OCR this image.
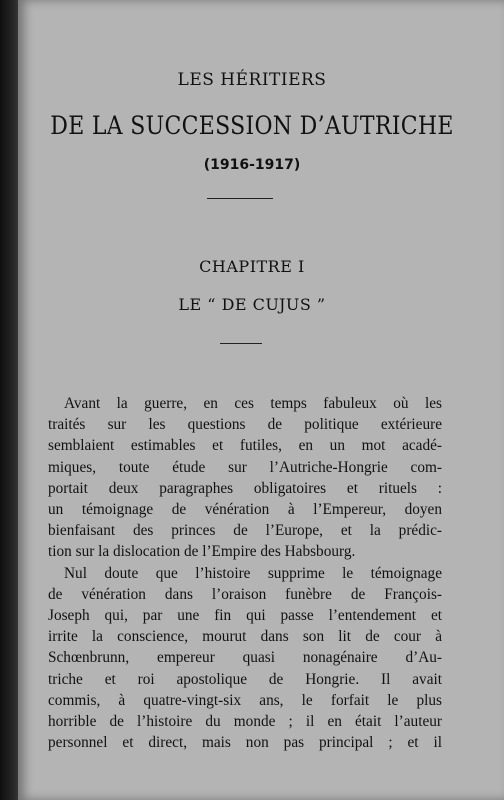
LES HÉRITIERS
DE LA SUCCESSION D’AUTRICHE
(1916-1917)
CHAPITRE I
LE “ DE CUJUS ”
Avant la guerre, en ces temps fabuleux où les
traités sur les questions de politique extérieure
semblaient estimables et futiles, en un mot acadé-
miques, toute étude sur l’Autriche-Hongrie com-
portait deux paragraphes obligatoires et rituels :
un témoignage de vénération à l’Empereur, doyen
bienfaisant des princes de l’Europe, et la prédic-
tion sur la dislocation de l’Empire des Habsbourg.
Nul doute que l’histoire supprime le témoignage
de vénération dans l’oraison funèbre de François-
Joseph qui, par une fin qui passe l’entendement et
irrite la conscience, mourut dans son lit de cour à
Schœnbrunn, empereur quasi nonagénaire d’Au-
triche et roi apostolique de Hongrie. Il avait
commis, à quatre-vingt-six ans, le forfait le plus
horrible de l’histoire du monde ; il en était l’auteur
personnel et direct, mais non pas principal ; et il
